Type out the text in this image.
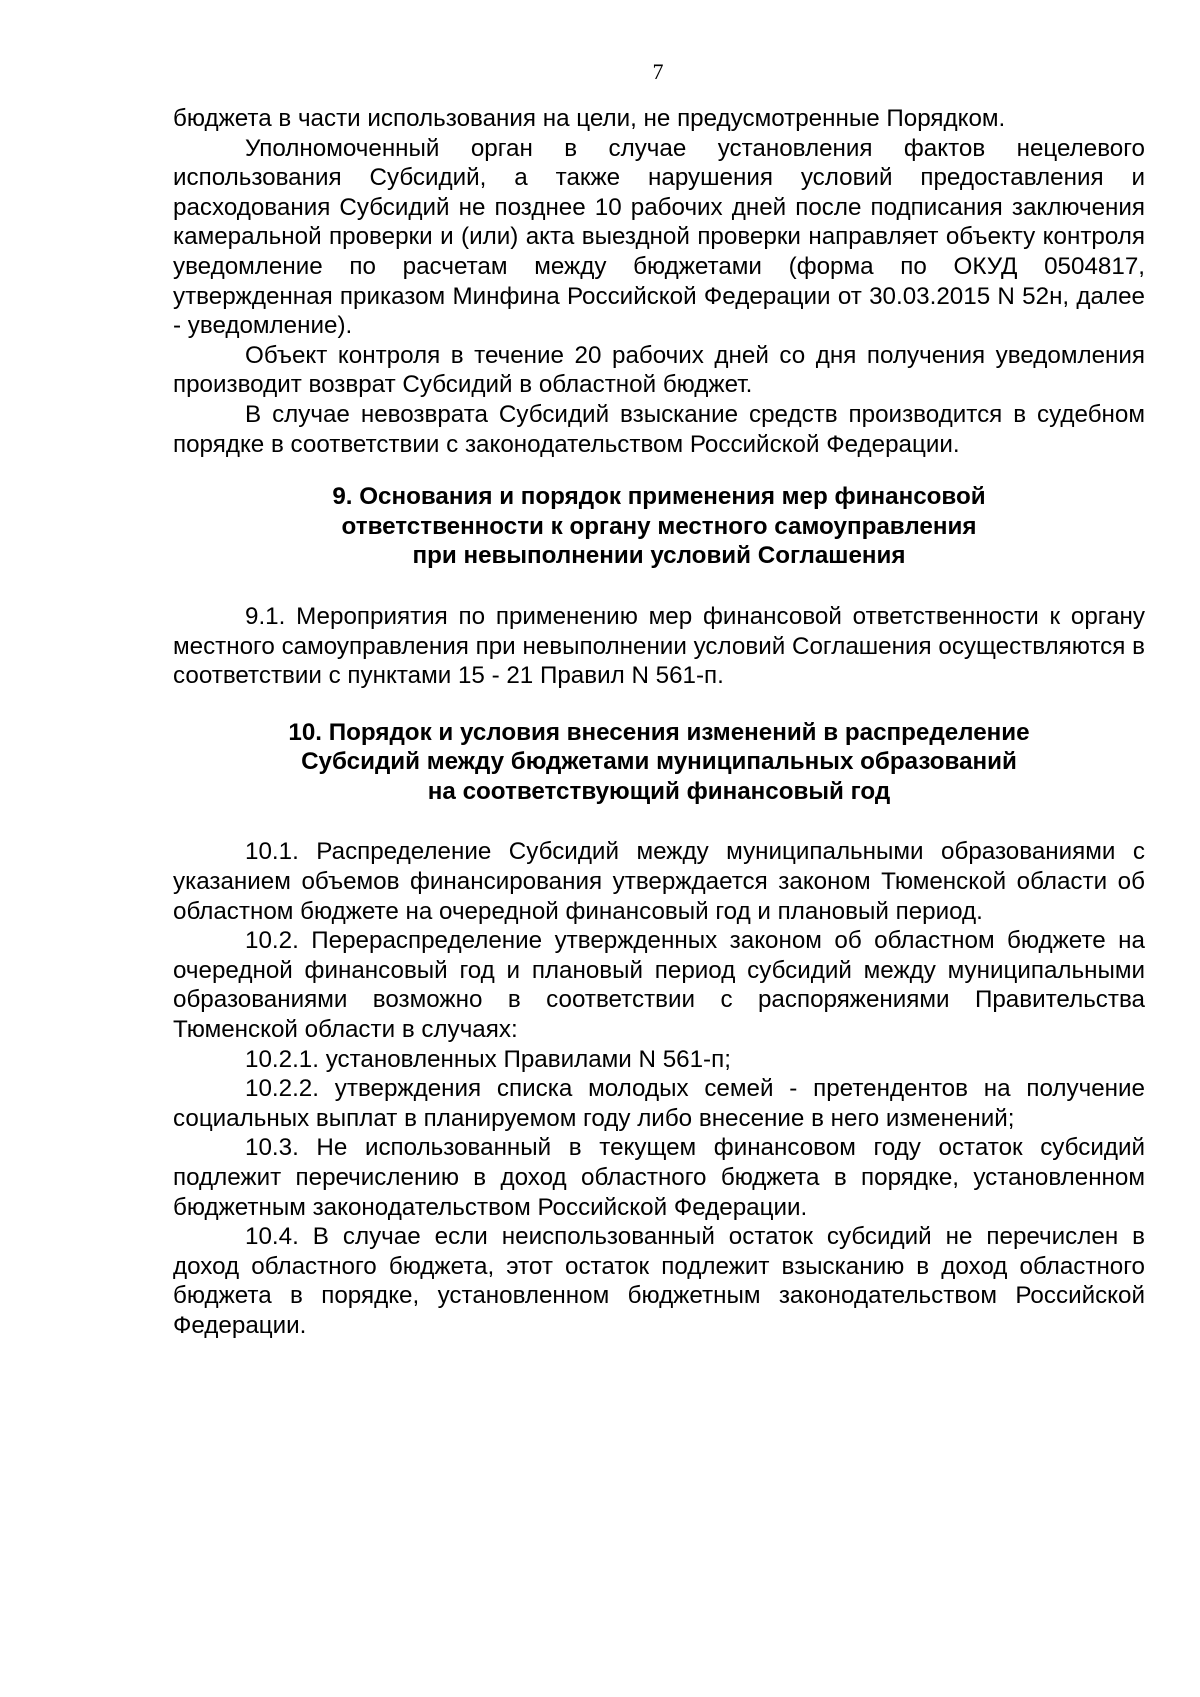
7

бюджета в части использования на цели, не предусмотренные Порядком.

Уполномоченный орган в случае установления фактов нецелевого использования Субсидий, а также нарушения условий предоставления и расходования Субсидий не позднее 10 рабочих дней после подписания заключения камеральной проверки и (или) акта выездной проверки направляет объекту контроля уведомление по расчетам между бюджетами (форма по ОКУД 0504817, утвержденная приказом Минфина Российской Федерации от 30.03.2015 N 52н, далее - уведомление).

Объект контроля в течение 20 рабочих дней со дня получения уведомления производит возврат Субсидий в областной бюджет.

В случае невозврата Субсидий взыскание средств производится в судебном порядке в соответствии с законодательством Российской Федерации.

9. Основания и порядок применения мер финансовой
ответственности к органу местного самоуправления
при невыполнении условий Соглашения

9.1. Мероприятия по применению мер финансовой ответственности к органу местного самоуправления при невыполнении условий Соглашения осуществляются в соответствии с пунктами 15 - 21 Правил N 561-п.

10. Порядок и условия внесения изменений в распределение
Субсидий между бюджетами муниципальных образований
на соответствующий финансовый год

10.1. Распределение Субсидий между муниципальными образованиями с указанием объемов финансирования утверждается законом Тюменской области об областном бюджете на очередной финансовый год и плановый период.

10.2. Перераспределение утвержденных законом об областном бюджете на очередной финансовый год и плановый период субсидий между муниципальными образованиями возможно в соответствии с распоряжениями Правительства Тюменской области в случаях:

10.2.1. установленных Правилами N 561-п;

10.2.2. утверждения списка молодых семей - претендентов на получение социальных выплат в планируемом году либо внесение в него изменений;

10.3. Не использованный в текущем финансовом году остаток субсидий подлежит перечислению в доход областного бюджета в порядке, установленном бюджетным законодательством Российской Федерации.

10.4. В случае если неиспользованный остаток субсидий не перечислен в доход областного бюджета, этот остаток подлежит взысканию в доход областного бюджета в порядке, установленном бюджетным законодательством Российской Федерации.
